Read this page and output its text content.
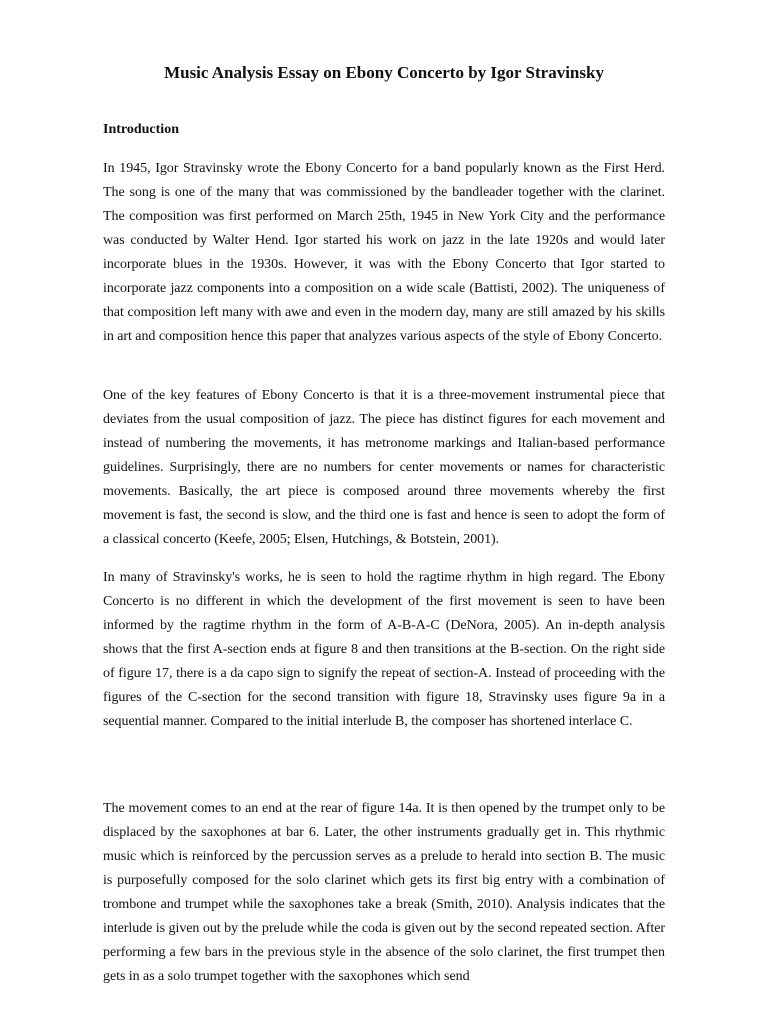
Music Analysis Essay on Ebony Concerto by Igor Stravinsky
Introduction

In 1945, Igor Stravinsky wrote the Ebony Concerto for a band popularly known as the First Herd. The song is one of the many that was commissioned by the bandleader together with the clarinet. The composition was first performed on March 25th, 1945 in New York City and the performance was conducted by Walter Hend. Igor started his work on jazz in the late 1920s and would later incorporate blues in the 1930s. However, it was with the Ebony Concerto that Igor started to incorporate jazz components into a composition on a wide scale (Battisti, 2002). The uniqueness of that composition left many with awe and even in the modern day, many are still amazed by his skills in art and composition hence this paper that analyzes various aspects of the style of Ebony Concerto.

One of the key features of Ebony Concerto is that it is a three-movement instrumental piece that deviates from the usual composition of jazz. The piece has distinct figures for each movement and instead of numbering the movements, it has metronome markings and Italian-based performance guidelines. Surprisingly, there are no numbers for center movements or names for characteristic movements. Basically, the art piece is composed around three movements whereby the first movement is fast, the second is slow, and the third one is fast and hence is seen to adopt the form of a classical concerto (Keefe, 2005; Elsen, Hutchings, & Botstein, 2001).

In many of Stravinsky's works, he is seen to hold the ragtime rhythm in high regard. The Ebony Concerto is no different in which the development of the first movement is seen to have been informed by the ragtime rhythm in the form of A-B-A-C (DeNora, 2005). An in-depth analysis shows that the first A-section ends at figure 8 and then transitions at the B-section. On the right side of figure 17, there is a da capo sign to signify the repeat of section-A. Instead of proceeding with the figures of the C-section for the second transition with figure 18, Stravinsky uses figure 9a in a sequential manner. Compared to the initial interlude B, the composer has shortened interlace C.

The movement comes to an end at the rear of figure 14a. It is then opened by the trumpet only to be displaced by the saxophones at bar 6. Later, the other instruments gradually get in. This rhythmic music which is reinforced by the percussion serves as a prelude to herald into section B. The music is purposefully composed for the solo clarinet which gets its first big entry with a combination of trombone and trumpet while the saxophones take a break (Smith, 2010). Analysis indicates that the interlude is given out by the prelude while the coda is given out by the second repeated section. After performing a few bars in the previous style in the absence of the solo clarinet, the first trumpet then gets in as a solo trumpet together with the saxophones which send
